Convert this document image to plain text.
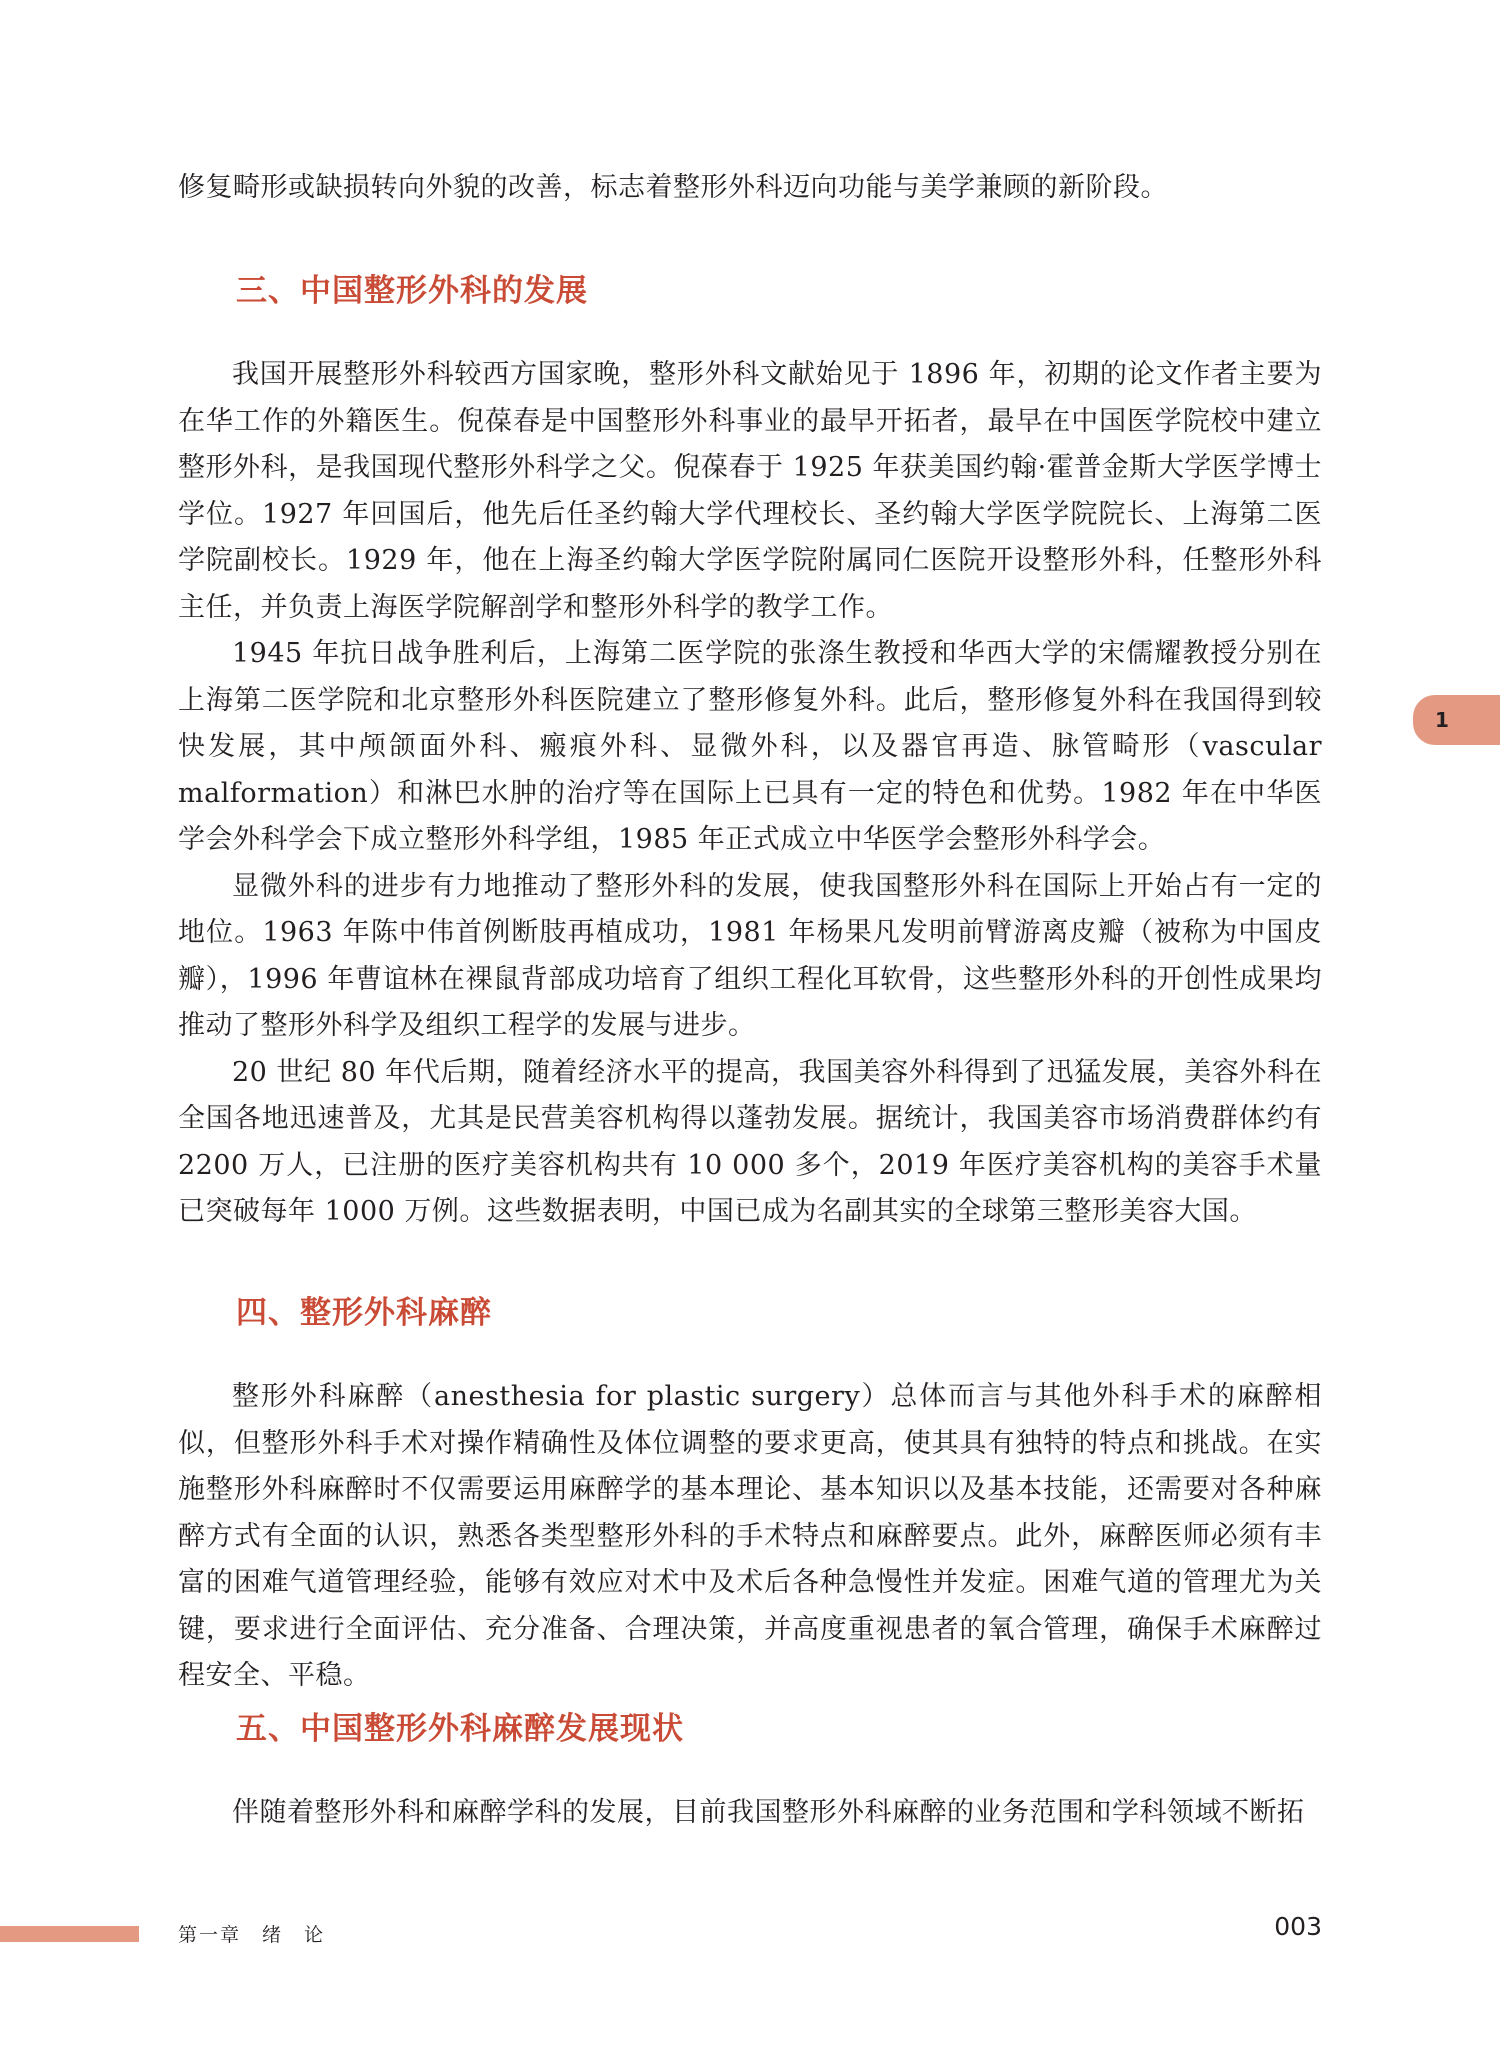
修复畸形或缺损转向外貌的改善，标志着整形外科迈向功能与美学兼顾的新阶段。

三、中国整形外科的发展

我国开展整形外科较西方国家晚，整形外科文献始见于 1896 年，初期的论文作者主要为在华工作的外籍医生。倪葆春是中国整形外科事业的最早开拓者，最早在中国医学院校中建立整形外科，是我国现代整形外科学之父。倪葆春于 1925 年获美国约翰·霍普金斯大学医学博士学位。1927 年回国后，他先后任圣约翰大学代理校长、圣约翰大学医学院院长、上海第二医学院副校长。1929 年，他在上海圣约翰大学医学院附属同仁医院开设整形外科，任整形外科主任，并负责上海医学院解剖学和整形外科学的教学工作。

1945 年抗日战争胜利后，上海第二医学院的张涤生教授和华西大学的宋儒耀教授分别在上海第二医学院和北京整形外科医院建立了整形修复外科。此后，整形修复外科在我国得到较快发展，其中颅颌面外科、瘢痕外科、显微外科，以及器官再造、脉管畸形（vascular malformation）和淋巴水肿的治疗等在国际上已具有一定的特色和优势。1982 年在中华医学会外科学会下成立整形外科学组，1985 年正式成立中华医学会整形外科学会。

显微外科的进步有力地推动了整形外科的发展，使我国整形外科在国际上开始占有一定的地位。1963 年陈中伟首例断肢再植成功，1981 年杨果凡发明前臂游离皮瓣（被称为中国皮瓣），1996 年曹谊林在裸鼠背部成功培育了组织工程化耳软骨，这些整形外科的开创性成果均推动了整形外科学及组织工程学的发展与进步。

20 世纪 80 年代后期，随着经济水平的提高，我国美容外科得到了迅猛发展，美容外科在全国各地迅速普及，尤其是民营美容机构得以蓬勃发展。据统计，我国美容市场消费群体约有 2200 万人，已注册的医疗美容机构共有 10 000 多个，2019 年医疗美容机构的美容手术量已突破每年 1000 万例。这些数据表明，中国已成为名副其实的全球第三整形美容大国。

四、整形外科麻醉

整形外科麻醉（anesthesia for plastic surgery）总体而言与其他外科手术的麻醉相似，但整形外科手术对操作精确性及体位调整的要求更高，使其具有独特的特点和挑战。在实施整形外科麻醉时不仅需要运用麻醉学的基本理论、基本知识以及基本技能，还需要对各种麻醉方式有全面的认识，熟悉各类型整形外科的手术特点和麻醉要点。此外，麻醉医师必须有丰富的困难气道管理经验，能够有效应对术中及术后各种急慢性并发症。困难气道的管理尤为关键，要求进行全面评估、充分准备、合理决策，并高度重视患者的氧合管理，确保手术麻醉过程安全、平稳。

五、中国整形外科麻醉发展现状

伴随着整形外科和麻醉学科的发展，目前我国整形外科麻醉的业务范围和学科领域不断拓

1
第一章　绪　论	003
